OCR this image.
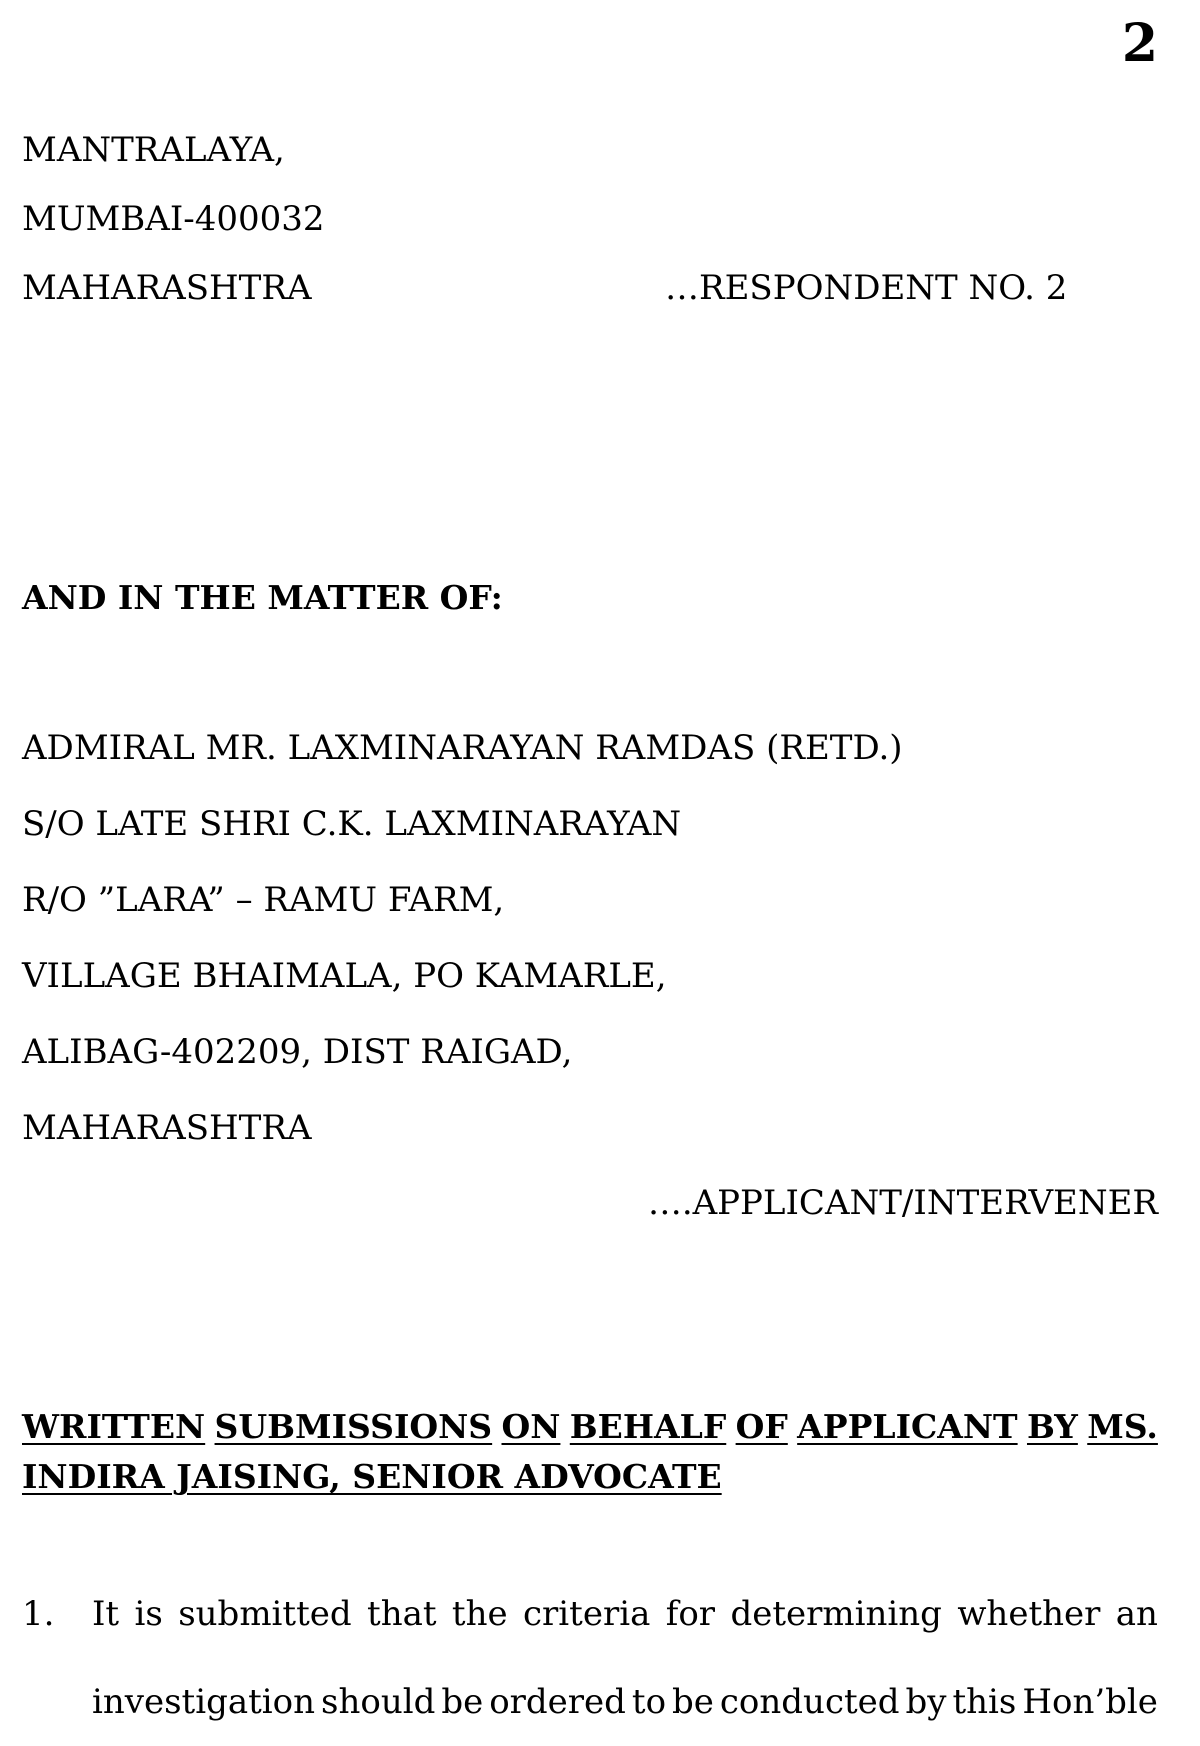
2
MANTRALAYA,
MUMBAI-400032
MAHARASHTRA	…RESPONDENT NO. 2
AND IN THE MATTER OF:
ADMIRAL MR. LAXMINARAYAN RAMDAS (RETD.)
S/O LATE SHRI C.K. LAXMINARAYAN
R/O ”LARA” – RAMU FARM,
VILLAGE BHAIMALA, PO KAMARLE,
ALIBAG-402209, DIST RAIGAD,
MAHARASHTRA
….APPLICANT/INTERVENER
WRITTEN SUBMISSIONS ON BEHALF OF APPLICANT BY MS.
INDIRA JAISING, SENIOR ADVOCATE
1. It is submitted that the criteria for determining whether an
investigation should be ordered to be conducted by this Hon’ble
